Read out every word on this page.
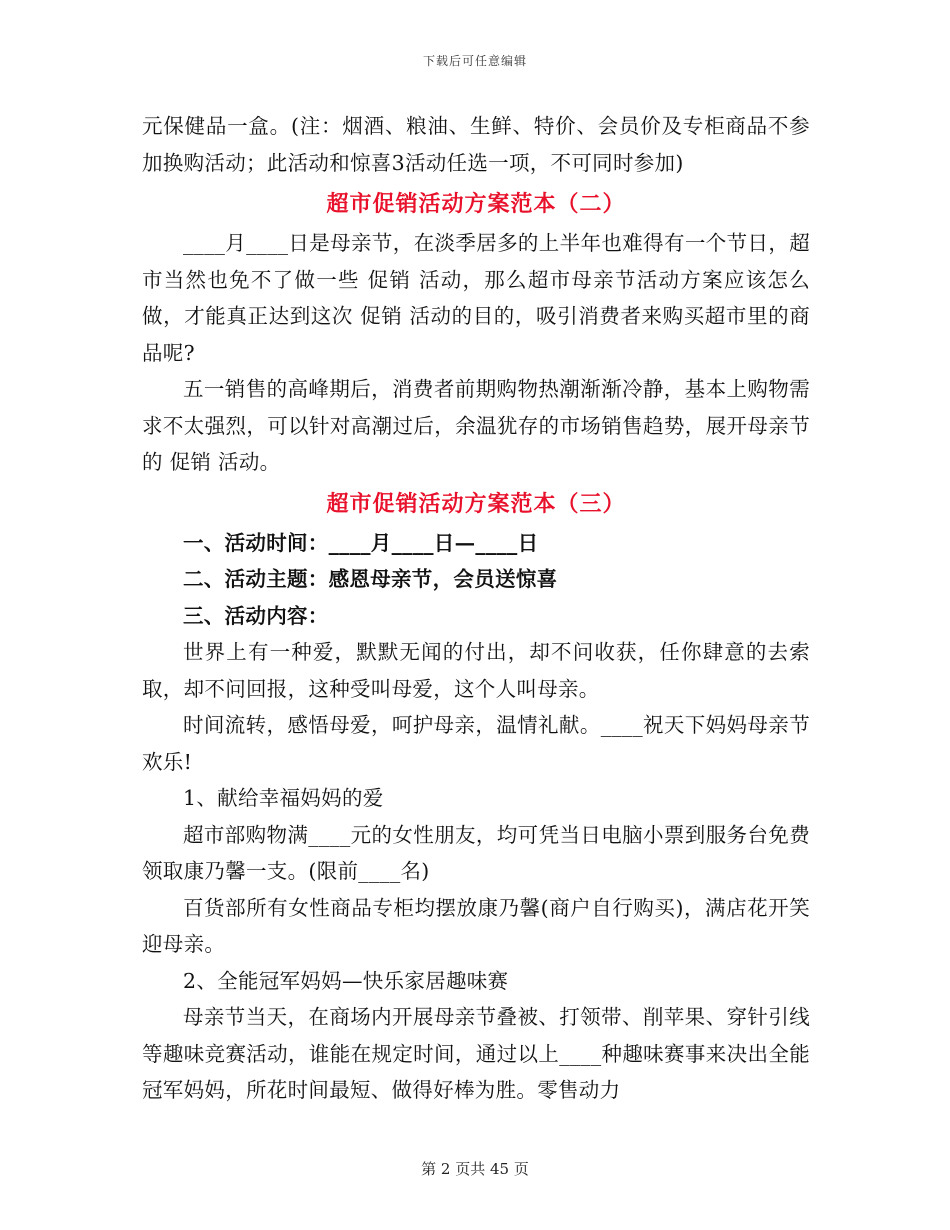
下载后可任意编辑

元保健品一盒。(注：烟酒、粮油、生鲜、特价、会员价及专柜商品不参加换购活动；此活动和惊喜3活动任选一项，不可同时参加)

超市促销活动方案范本（二）

____月____日是母亲节，在淡季居多的上半年也难得有一个节日，超市当然也免不了做一些 促销 活动，那么超市母亲节活动方案应该怎么做，才能真正达到这次 促销 活动的目的，吸引消费者来购买超市里的商品呢?

五一销售的高峰期后，消费者前期购物热潮渐渐冷静，基本上购物需求不太强烈，可以针对高潮过后，余温犹存的市场销售趋势，展开母亲节的 促销 活动。

超市促销活动方案范本（三）

一、活动时间：____月____日—____日

二、活动主题：感恩母亲节，会员送惊喜

三、活动内容：

世界上有一种爱，默默无闻的付出，却不问收获，任你肆意的去索取，却不问回报，这种受叫母爱，这个人叫母亲。

时间流转，感悟母爱，呵护母亲，温情礼献。____祝天下妈妈母亲节欢乐!

1、献给幸福妈妈的爱

超市部购物满____元的女性朋友，均可凭当日电脑小票到服务台免费领取康乃馨一支。(限前____名)

百货部所有女性商品专柜均摆放康乃馨(商户自行购买)，满店花开笑迎母亲。

2、全能冠军妈妈—快乐家居趣味赛

母亲节当天，在商场内开展母亲节叠被、打领带、削苹果、穿针引线等趣味竞赛活动，谁能在规定时间，通过以上____种趣味赛事来决出全能冠军妈妈，所花时间最短、做得好棒为胜。零售动力

第 2 页共 45 页
